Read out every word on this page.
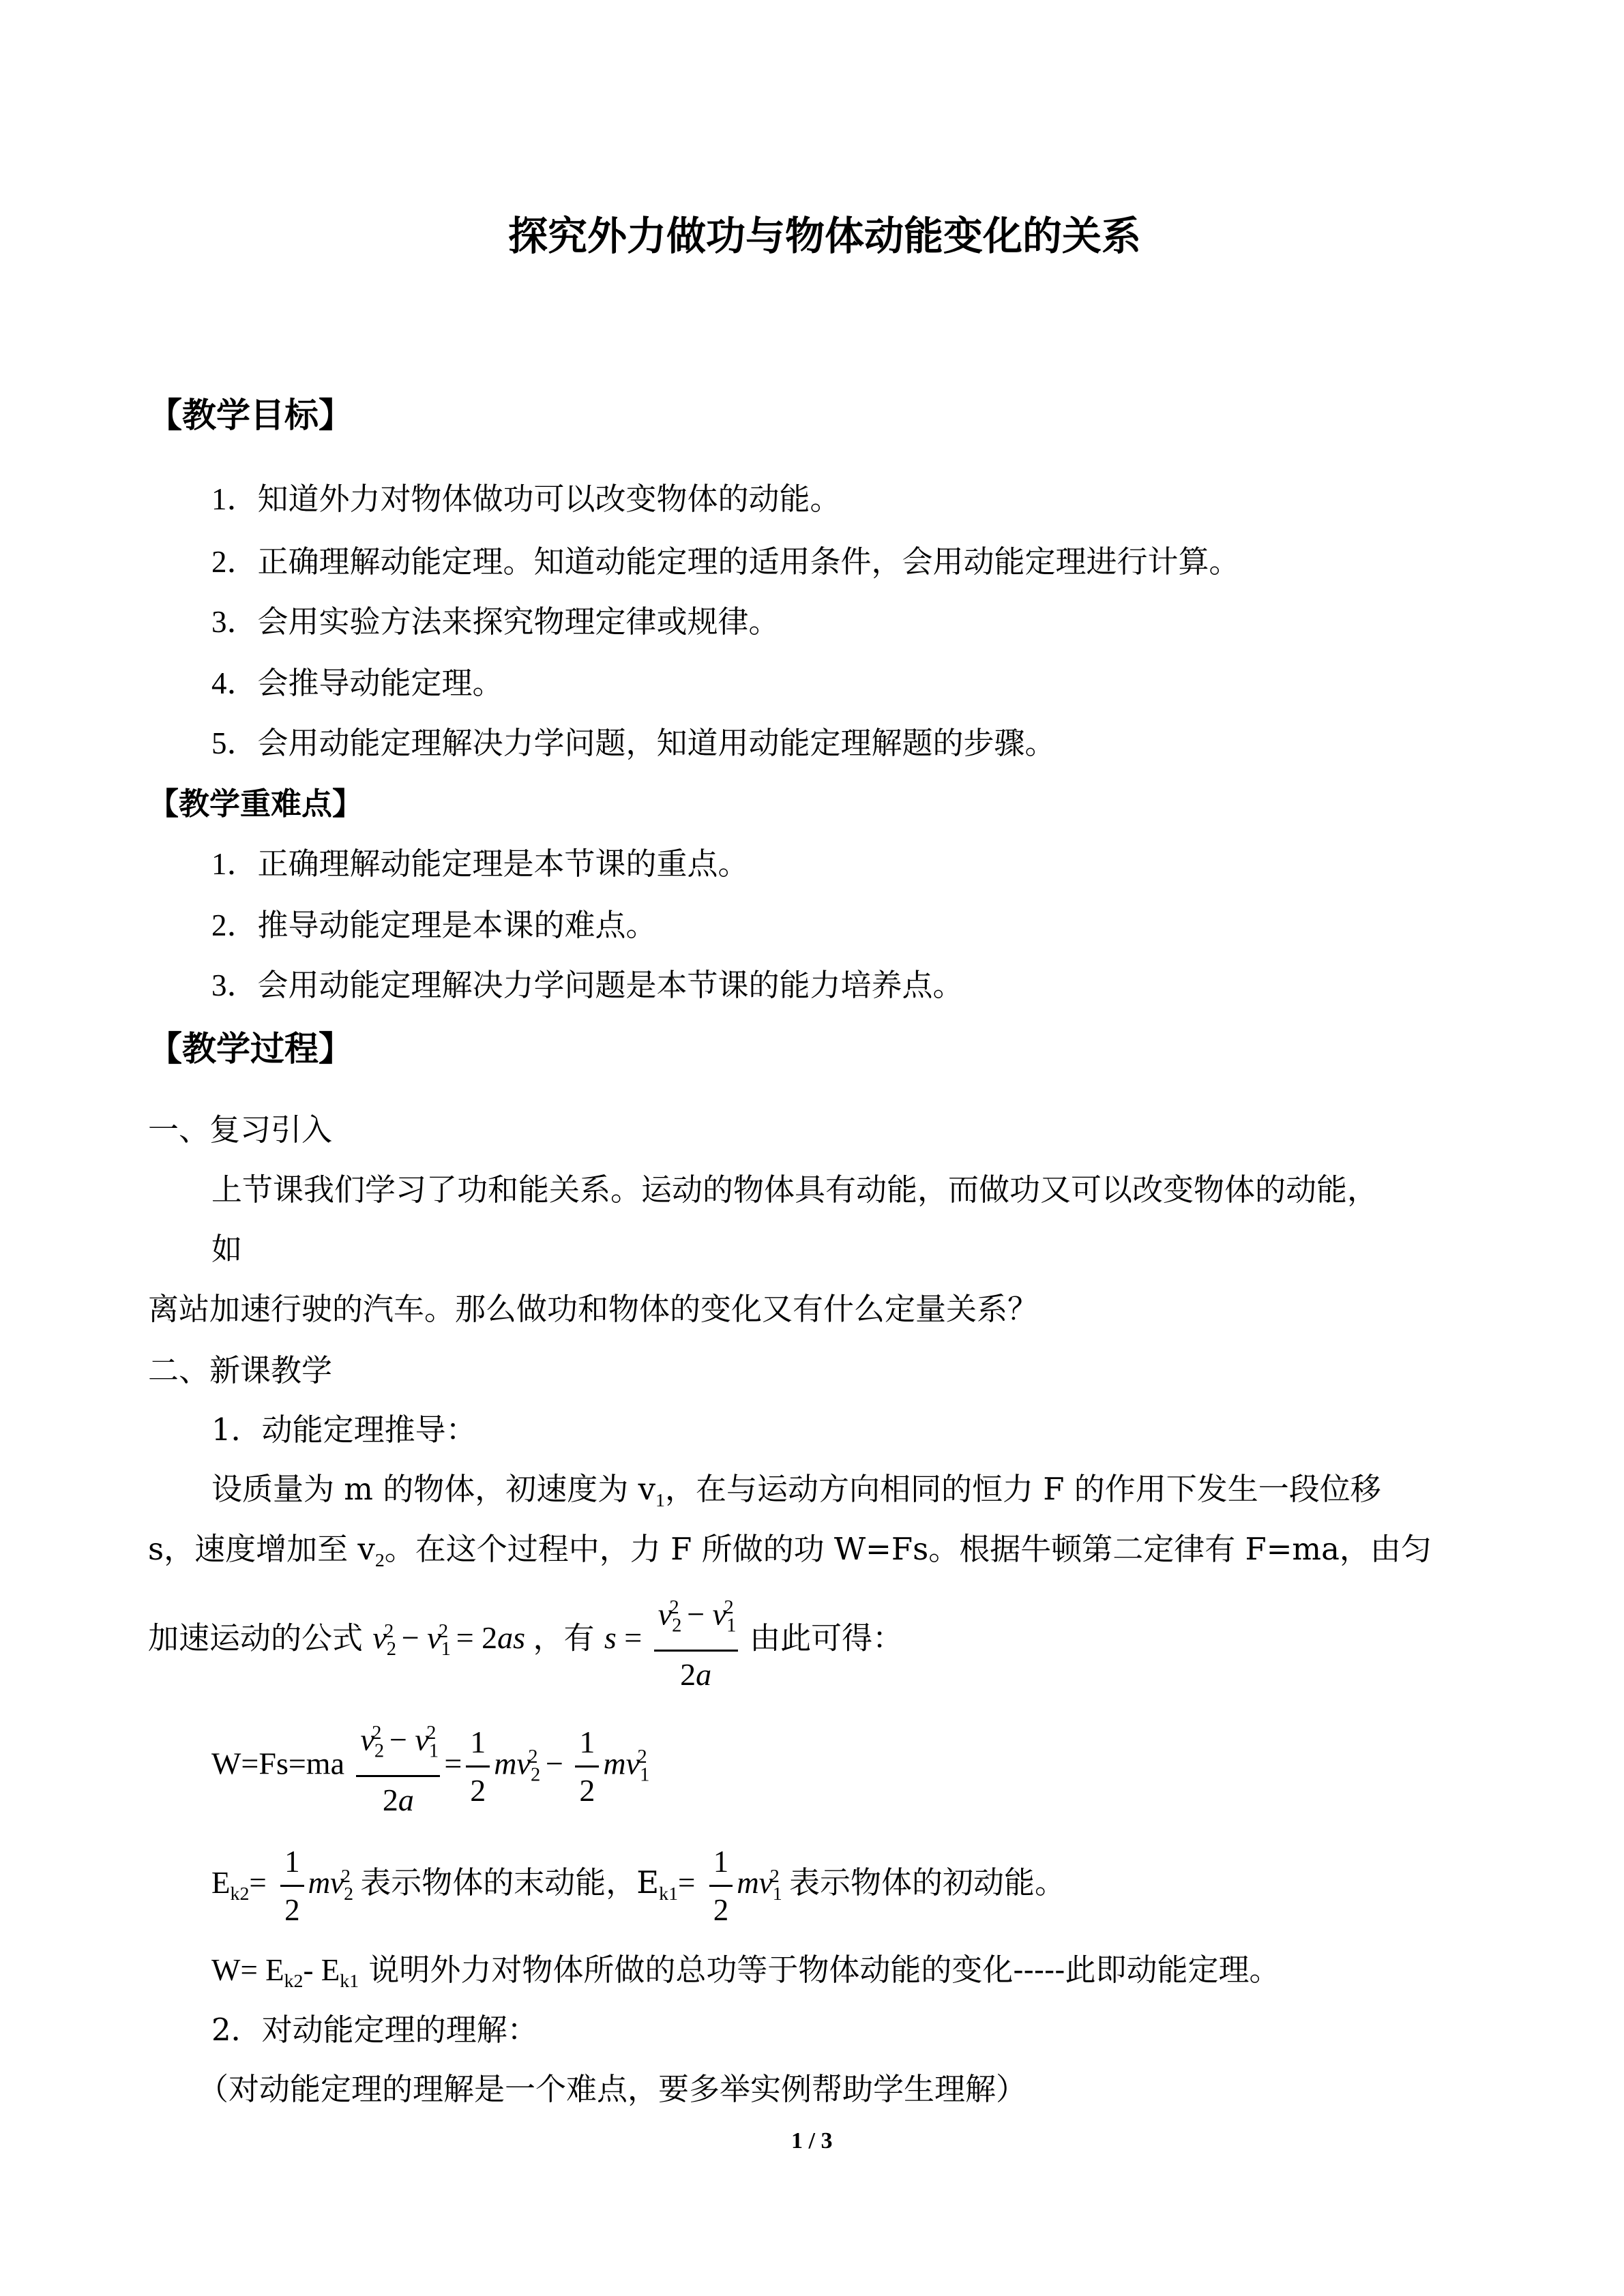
探究外力做功与物体动能变化的关系
【教学目标】
1．知道外力对物体做功可以改变物体的动能。
2．正确理解动能定理。知道动能定理的适用条件，会用动能定理进行计算。
3．会用实验方法来探究物理定律或规律。
4．会推导动能定理。
5．会用动能定理解决力学问题，知道用动能定理解题的步骤。
【教学重难点】
1．正确理解动能定理是本节课的重点。
2．推导动能定理是本课的难点。
3．会用动能定理解决力学问题是本节课的能力培养点。
【教学过程】
一、复习引入
上节课我们学习了功和能关系。运动的物体具有动能，而做功又可以改变物体的动能，
如
离站加速行驶的汽车。那么做功和物体的变化又有什么定量关系？
二、新课教学
1．动能定理推导：
设质量为 m 的物体，初速度为 $v_1$，在与运动方向相同的恒力 F 的作用下发生一段位移
s，速度增加至 $v_2$。在这个过程中，力 F 所做的功 W=Fs。根据牛顿第二定律有 F=ma，由匀
加速运动的公式 $v_2^2 - v_1^2 = 2as$ ，有 $s = \frac{v_2^2 - v_1^2}{2a}$ 由此可得：
$W=Fs=ma \frac{v_2^2 - v_1^2}{2a} = \frac{1}{2} mv_2^2 - \frac{1}{2} mv_1^2$
$E_{k2}= \frac{1}{2} mv_2^2$ 表示物体的末动能，$E_{k1}= \frac{1}{2} mv_1^2$ 表示物体的初动能。
$W= E_{k2}-$ $E_{k1}$ 说明外力对物体所做的总功等于物体动能的变化-----此即动能定理。
2．对动能定理的理解：
（对动能定理的理解是一个难点，要多举实例帮助学生理解）
1 / 3
